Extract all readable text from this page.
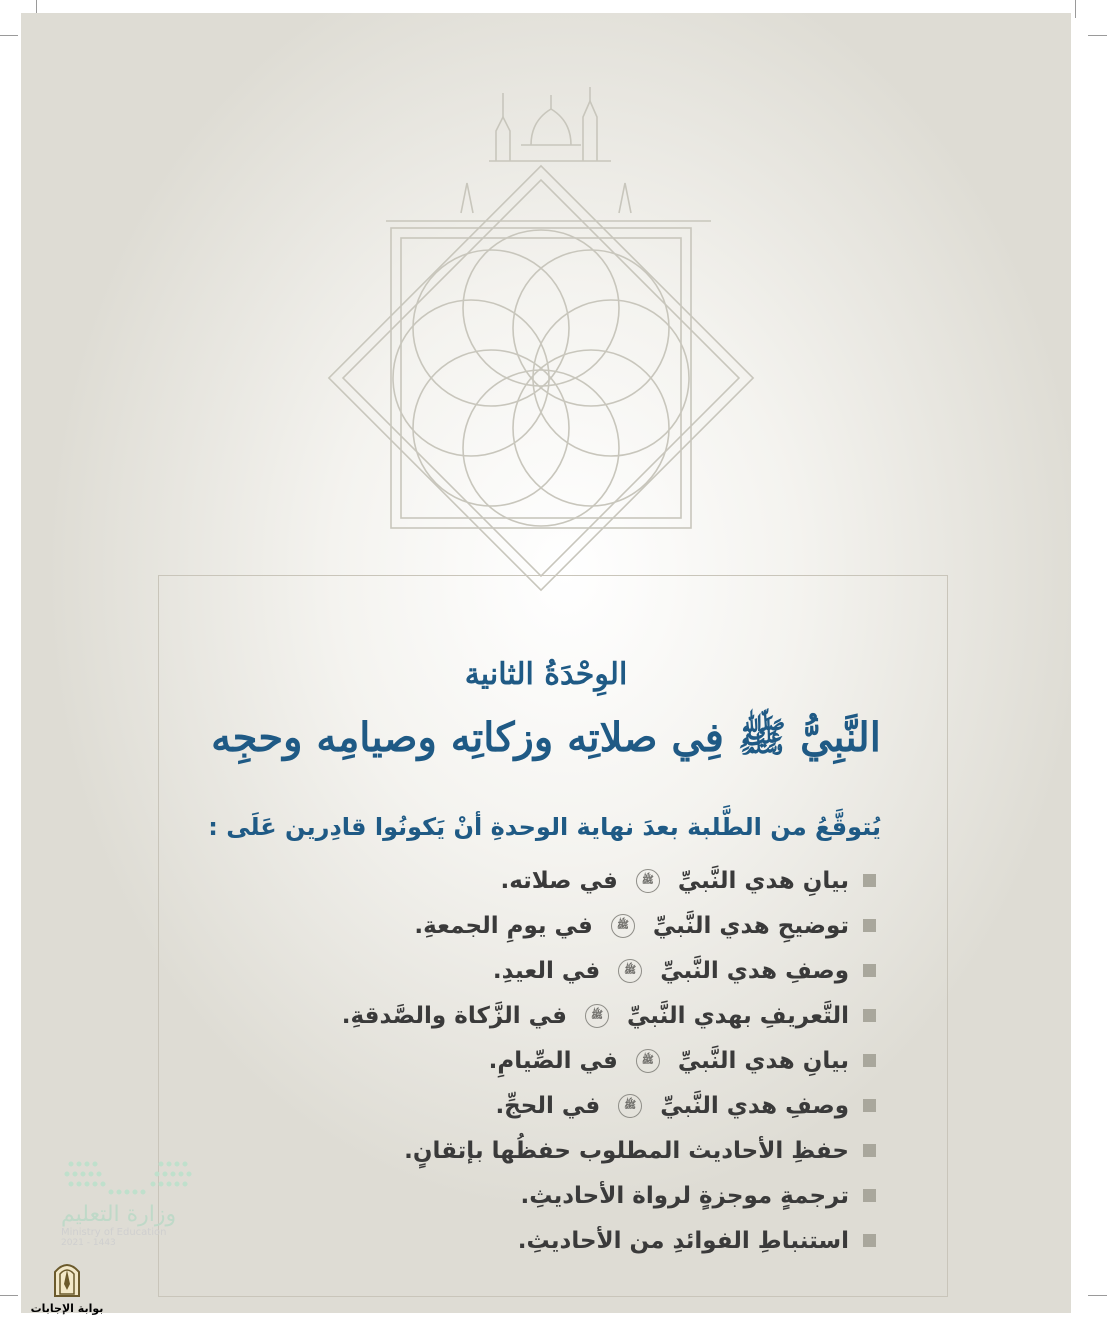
الوِحْدَةُ الثانية
النَّبِيُّ ﷺ فِي صلاتِه وزكاتِه وصيامِه وحجِه
يُتوقَّعُ من الطَّلبة بعدَ نهاية الوحدةِ أنْ يَكونُوا قادِرين عَلَى :
بيانِ هدي النَّبيِّ
ﷺ
في صلاته.
توضيحِ هدي النَّبيِّ
ﷺ
في يومِ الجمعةِ.
وصفِ هدي النَّبيِّ
ﷺ
في العيدِ.
التَّعريفِ بهدي النَّبيِّ
ﷺ
في الزَّكاة والصَّدقةِ.
بيانِ هدي النَّبيِّ
ﷺ
في الصِّيامِ.
وصفِ هدي النَّبيِّ
ﷺ
في الحجِّ.
حفظِ الأحاديث المطلوب حفظُها بإتقانٍ.
ترجمةٍ موجزةٍ لرواة الأحاديثِ.
استنباطِ الفوائدِ من الأحاديثِ.
وزارة التعليم
Ministry of Education
2021 - 1443
بوابة الإجابات
